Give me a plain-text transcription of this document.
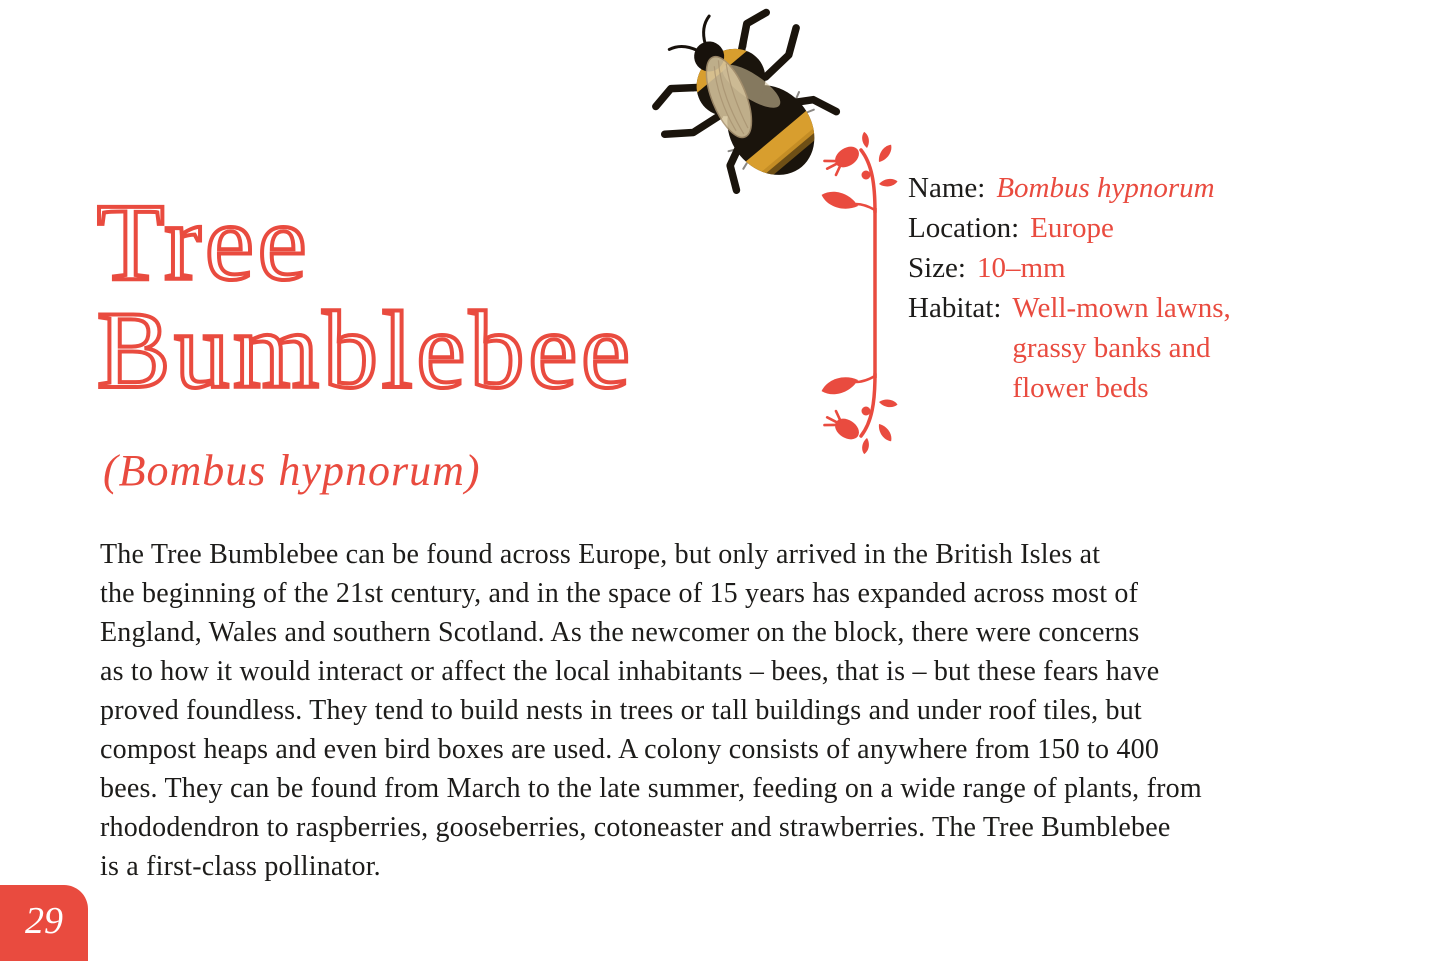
Tree
Bumblebee
(Bombus hypnorum)
Name: Bombus hypnorum
Location: Europe
Size: 10–mm
Habitat: Well-mown lawns, grassy banks and flower beds
The Tree Bumblebee can be found across Europe, but only arrived in the British Isles at
the beginning of the 21st century, and in the space of 15 years has expanded across most of
England, Wales and southern Scotland. As the newcomer on the block, there were concerns
as to how it would interact or affect the local inhabitants – bees, that is – but these fears have
proved foundless. They tend to build nests in trees or tall buildings and under roof tiles, but
compost heaps and even bird boxes are used. A colony consists of anywhere from 150 to 400
bees. They can be found from March to the late summer, feeding on a wide range of plants, from
rhododendron to raspberries, gooseberries, cotoneaster and strawberries. The Tree Bumblebee
is a first-class pollinator.
29
